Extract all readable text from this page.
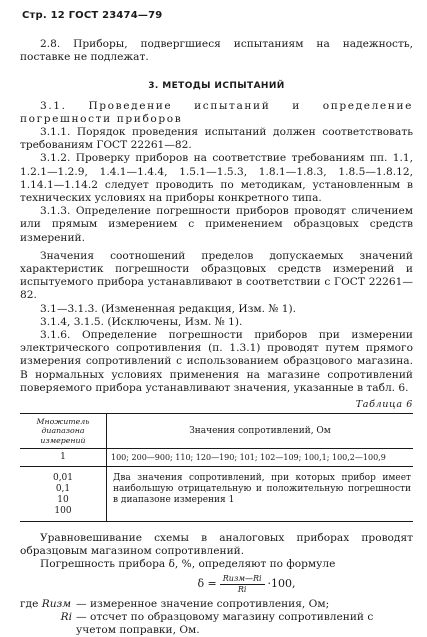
Стр. 12 ГОСТ 23474—79

2.8. Приборы, подвергшиеся испытаниям на надежность, поставке не подлежат.

3. МЕТОДЫ ИСПЫТАНИЙ

3.1. Проведение испытаний и определение погрешности приборов

3.1.1. Порядок проведения испытаний должен соответствовать требованиям ГОСТ 22261—82.

3.1.2. Проверку приборов на соответствие требованиям пп. 1.1, 1.2.1—1.2.9, 1.4.1—1.4.4, 1.5.1—1.5.3, 1.8.1—1.8.3, 1.8.5—1.8.12, 1.14.1—1.14.2 следует проводить по методикам, установленным в технических условиях на приборы конкретного типа.

3.1.3. Определение погрешности приборов проводят сличением или прямым измерением с применением образцовых средств измерений.

Значения соотношений пределов допускаемых значений характеристик погрешности образцовых средств измерений и испытуемого прибора устанавливают в соответствии с ГОСТ 22261—82.

3.1—3.1.3. (Измененная редакция, Изм. № 1).

3.1.4, 3.1.5. (Исключены, Изм. № 1).

3.1.6. Определение погрешности приборов при измерении электрического сопротивления (п. 1.3.1) проводят путем прямого измерения сопротивлений с использованием образцового магазина. В нормальных условиях применения на магазине сопротивлений поверяемого прибора устанавливают значения, указанные в табл. 6.

Таблица 6
Множитель диапазона измерений	Значения сопротивлений, Ом
1	100; 200—900; 110; 120—190; 101; 102—109; 100,1; 100,2—100,9

0,01
0,1
10
100	Два значения сопротивлений, при которых прибор имеет наибольшую отрицательную и положительную погрешности в диапазоне измерения 1

Уравновешивание схемы в аналоговых приборах проводят образцовым магазином сопротивлений.

Погрешность прибора δ, %, определяют по формуле

$\delta = \frac{\text{Rизм—Ri}}{Ri} \cdot 100$,
где Rизм — измеренное значение сопротивления, Ом;
Ri — отсчет по образцовому магазину сопротивлений с учетом поправки, Ом.
